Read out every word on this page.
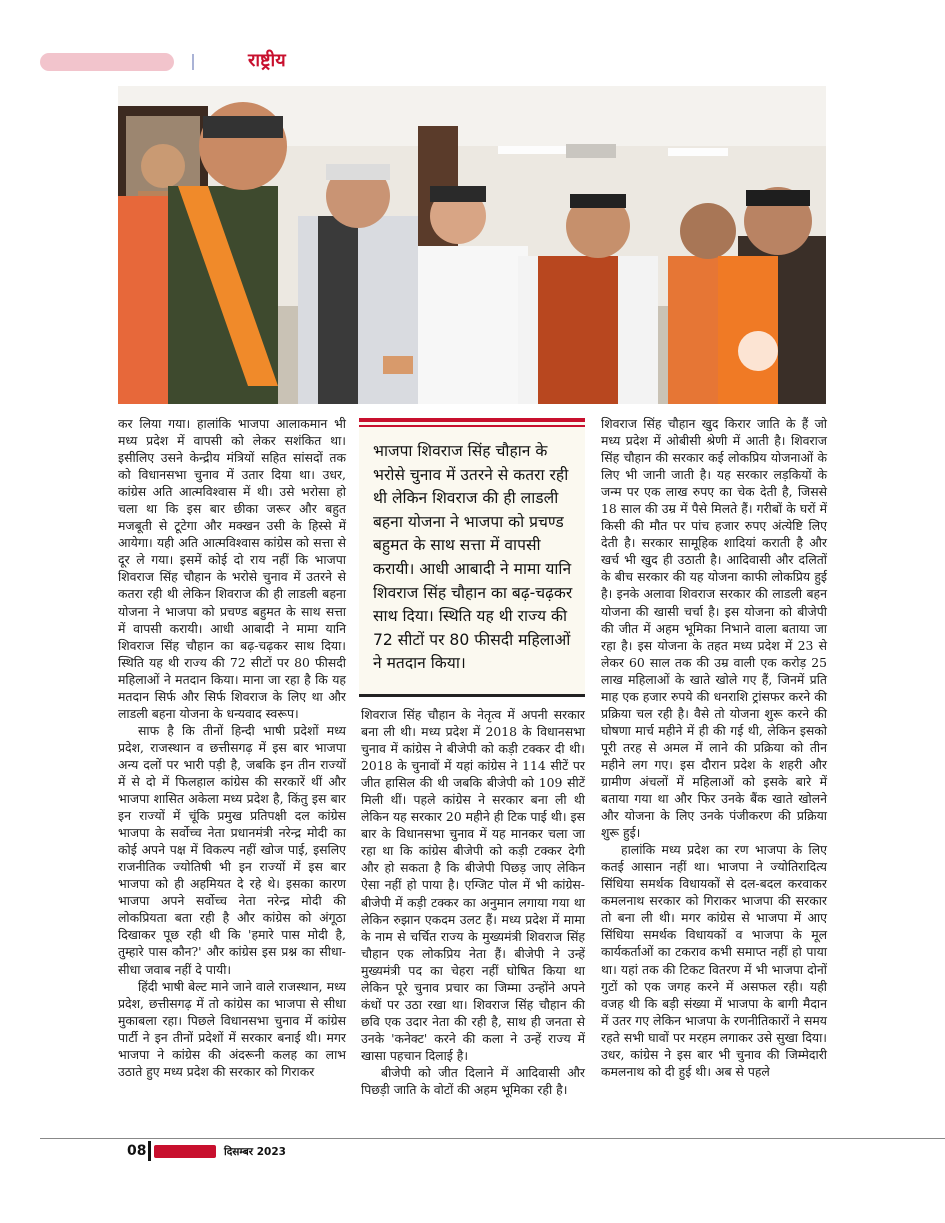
राष्ट्रीय

कर लिया गया। हालांकि भाजपा आलाकमान भी मध्य प्रदेश में वापसी को लेकर सशंकित था। इसीलिए उसने केन्द्रीय मंत्रियों सहित सांसदों तक को विधानसभा चुनाव में उतार दिया था। उधर, कांग्रेस अति आत्मविश्वास में थी। उसे भरोसा हो चला था कि इस बार छीका जरूर और बहुत मजबूती से टूटेगा और मक्खन उसी के हिस्से में आयेगा। यही अति आत्मविश्वास कांग्रेस को सत्ता से दूर ले गया। इसमें कोई दो राय नहीं कि भाजपा शिवराज सिंह चौहान के भरोसे चुनाव में उतरने से कतरा रही थी लेकिन शिवराज की ही लाडली बहना योजना ने भाजपा को प्रचण्ड बहुमत के साथ सत्ता में वापसी करायी। आधी आबादी ने मामा यानि शिवराज सिंह चौहान का बढ़-चढ़कर साथ दिया। स्थिति यह थी राज्य की 72 सीटों पर 80 फीसदी महिलाओं ने मतदान किया। माना जा रहा है कि यह मतदान सिर्फ और सिर्फ शिवराज के लिए था और लाडली बहना योजना के धन्यवाद स्वरूप।

साफ है कि तीनों हिन्दी भाषी प्रदेशों मध्य प्रदेश, राजस्थान व छत्तीसगढ़ में इस बार भाजपा अन्य दलों पर भारी पड़ी है, जबकि इन तीन राज्यों में से दो में फिलहाल कांग्रेस की सरकारें थीं और भाजपा शासित अकेला मध्य प्रदेश है, किंतु इस बार इन राज्यों में चूंकि प्रमुख प्रतिपक्षी दल कांग्रेस भाजपा के सर्वोच्च नेता प्रधानमंत्री नरेन्द्र मोदी का कोई अपने पक्ष में विकल्प नहीं खोज पाई, इसलिए राजनीतिक ज्योतिषी भी इन राज्यों में इस बार भाजपा को ही अहमियत दे रहे थे। इसका कारण भाजपा अपने सर्वोच्च नेता नरेन्द्र मोदी की लोकप्रियता बता रही है और कांग्रेस को अंगूठा दिखाकर पूछ रही थी कि 'हमारे पास मोदी है, तुम्हारे पास कौन?' और कांग्रेस इस प्रश्न का सीधा-सीधा जवाब नहीं दे पायी।

हिंदी भाषी बेल्ट माने जाने वाले राजस्थान, मध्य प्रदेश, छत्तीसगढ़ में तो कांग्रेस का भाजपा से सीधा मुकाबला रहा। पिछले विधानसभा चुनाव में कांग्रेस पार्टी ने इन तीनों प्रदेशों में सरकार बनाई थी। मगर भाजपा ने कांग्रेस की अंदरूनी कलह का लाभ उठाते हुए मध्य प्रदेश की सरकार को गिराकर

भाजपा शिवराज सिंह चौहान के भरोसे चुनाव में उतरने से कतरा रही थी लेकिन शिवराज की ही लाडली बहना योजना ने भाजपा को प्रचण्ड बहुमत के साथ सत्ता में वापसी करायी। आधी आबादी ने मामा यानि शिवराज सिंह चौहान का बढ़-चढ़कर साथ दिया। स्थिति यह थी राज्य की 72 सीटों पर 80 फीसदी महिलाओं ने मतदान किया।

शिवराज सिंह चौहान के नेतृत्व में अपनी सरकार बना ली थी। मध्य प्रदेश में 2018 के विधानसभा चुनाव में कांग्रेस ने बीजेपी को कड़ी टक्कर दी थी। 2018 के चुनावों में यहां कांग्रेस ने 114 सीटें पर जीत हासिल की थी जबकि बीजेपी को 109 सीटें मिली थीं। पहले कांग्रेस ने सरकार बना ली थी लेकिन यह सरकार 20 महीने ही टिक पाई थी। इस बार के विधानसभा चुनाव में यह मानकर चला जा रहा था कि कांग्रेस बीजेपी को कड़ी टक्कर देगी और हो सकता है कि बीजेपी पिछड़ जाए लेकिन ऐसा नहीं हो पाया है। एग्जिट पोल में भी कांग्रेस-बीजेपी में कड़ी टक्कर का अनुमान लगाया गया था लेकिन रुझान एकदम उलट हैं। मध्य प्रदेश में मामा के नाम से चर्चित राज्य के मुख्यमंत्री शिवराज सिंह चौहान एक लोकप्रिय नेता हैं। बीजेपी ने उन्हें मुख्यमंत्री पद का चेहरा नहीं घोषित किया था लेकिन पूरे चुनाव प्रचार का जिम्मा उन्होंने अपने कंधों पर उठा रखा था। शिवराज सिंह चौहान की छवि एक उदार नेता की रही है, साथ ही जनता से उनके 'कनेक्ट' करने की कला ने उन्हें राज्य में खासा पहचान दिलाई है।

बीजेपी को जीत दिलाने में आदिवासी और पिछड़ी जाति के वोटों की अहम भूमिका रही है।

शिवराज सिंह चौहान खुद किरार जाति के हैं जो मध्य प्रदेश में ओबीसी श्रेणी में आती है। शिवराज सिंह चौहान की सरकार कई लोकप्रिय योजनाओं के लिए भी जानी जाती है। यह सरकार लड़कियों के जन्म पर एक लाख रुपए का चेक देती है, जिससे 18 साल की उम्र में पैसे मिलते हैं। गरीबों के घरों में किसी की मौत पर पांच हजार रुपए अंत्येष्टि लिए देती है। सरकार सामूहिक शादियां कराती है और खर्च भी खुद ही उठाती है। आदिवासी और दलितों के बीच सरकार की यह योजना काफी लोकप्रिय हुई है। इनके अलावा शिवराज सरकार की लाडली बहन योजना की खासी चर्चा है। इस योजना को बीजेपी की जीत में अहम भूमिका निभाने वाला बताया जा रहा है। इस योजना के तहत मध्य प्रदेश में 23 से लेकर 60 साल तक की उम्र वाली एक करोड़ 25 लाख महिलाओं के खाते खोले गए हैं, जिनमें प्रति माह एक हजार रुपये की धनराशि ट्रांसफर करने की प्रक्रिया चल रही है। वैसे तो योजना शुरू करने की घोषणा मार्च महीने में ही की गई थी, लेकिन इसको पूरी तरह से अमल में लाने की प्रक्रिया को तीन महीने लग गए। इस दौरान प्रदेश के शहरी और ग्रामीण अंचलों में महिलाओं को इसके बारे में बताया गया था और फिर उनके बैंक खाते खोलने और योजना के लिए उनके पंजीकरण की प्रक्रिया शुरू हुई।

हालांकि मध्य प्रदेश का रण भाजपा के लिए कतई आसान नहीं था। भाजपा ने ज्योतिरादित्य सिंधिया समर्थक विधायकों से दल-बदल करवाकर कमलनाथ सरकार को गिराकर भाजपा की सरकार तो बना ली थी। मगर कांग्रेस से भाजपा में आए सिंधिया समर्थक विधायकों व भाजपा के मूल कार्यकर्ताओं का टकराव कभी समाप्त नहीं हो पाया था। यहां तक की टिकट वितरण में भी भाजपा दोनों गुटों को एक जगह करने में असफल रही। यही वजह थी कि बड़ी संख्या में भाजपा के बागी मैदान में उतर गए लेकिन भाजपा के रणनीतिकारों ने समय रहते सभी घावों पर मरहम लगाकर उसे सुखा दिया। उधर, कांग्रेस ने इस बार भी चुनाव की जिम्मेदारी कमलनाथ को दी हुई थी। अब से पहले

08	दिसम्बर 2023
